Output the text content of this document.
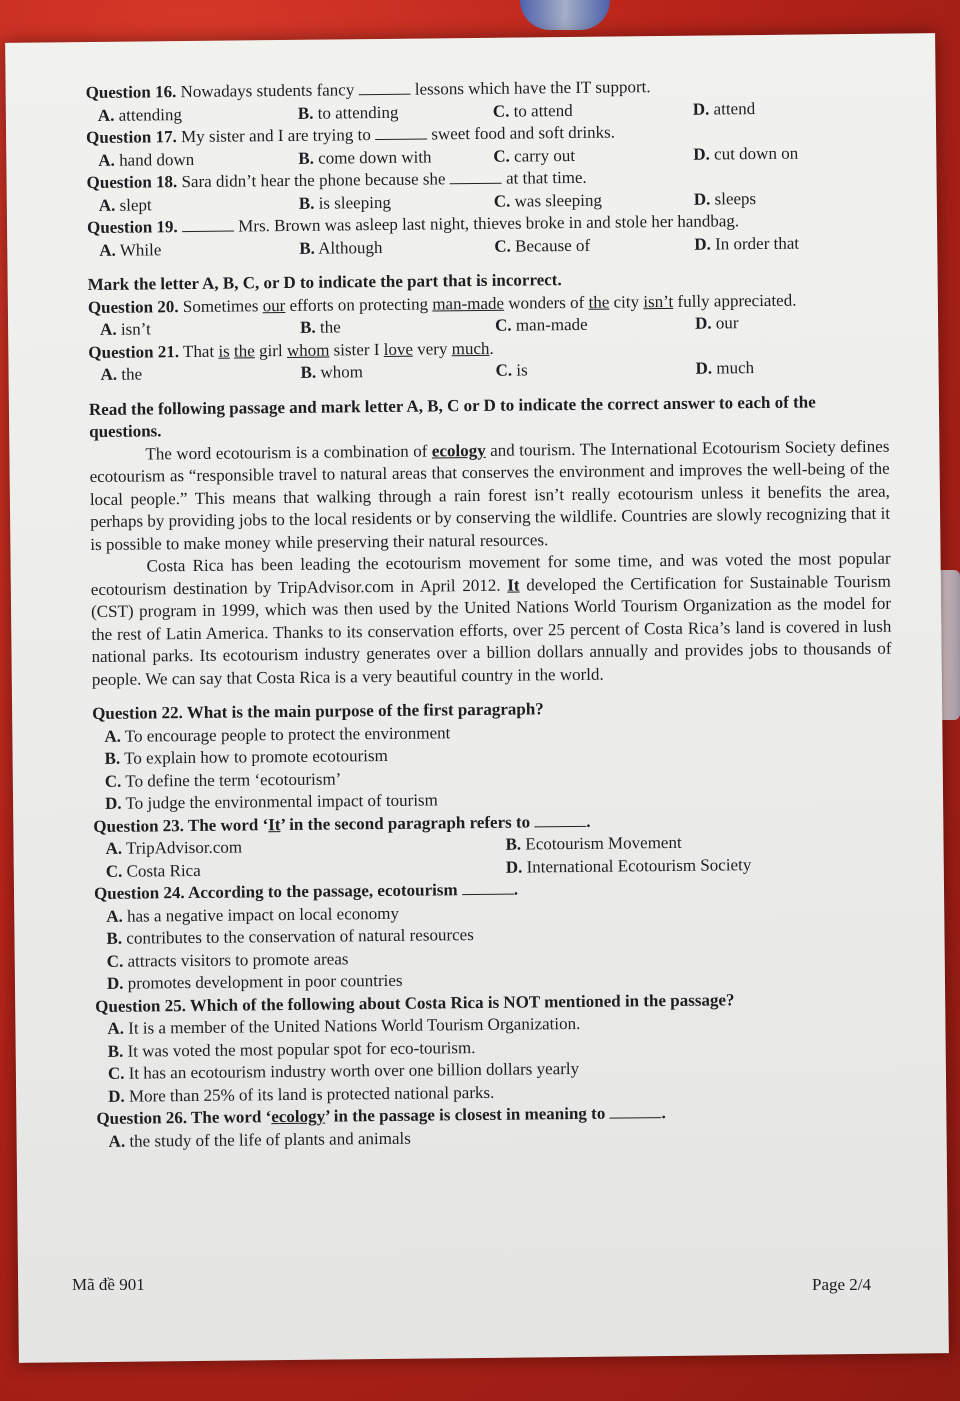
Question 16. Nowadays students fancy	lessons which have the IT support.
A. attending	B. to attending	C. to attend	D. attend
Question 17. My sister and I are trying to	sweet food and soft drinks.
A. hand down	B. come down with	C. carry out	D. cut down on
Question 18. Sara didn’t hear the phone because she	at that time.
A. slept	B. is sleeping	C. was sleeping	D. sleeps
Question 19.	Mrs. Brown was asleep last night, thieves broke in and stole her handbag.
A. While	B. Although	C. Because of	D. In order that
Mark the letter A, B, C, or D to indicate the part that is incorrect.
Question 20. Sometimes our efforts on protecting man-made wonders of the city isn’t fully appreciated.
A. isn’t	B. the	C. man-made	D. our
Question 21. That is the girl whom sister I love very much.
A. the	B. whom	C. is	D. much
Read the following passage and mark letter A, B, C or D to indicate the correct answer to each of the questions.

The word ecotourism is a combination of ecology and tourism. The International Ecotourism Society defines ecotourism as “responsible travel to natural areas that conserves the environment and improves the well-being of the local people.” This means that walking through a rain forest isn’t really ecotourism unless it benefits the area, perhaps by providing jobs to the local residents or by conserving the wildlife. Countries are slowly recognizing that it is possible to make money while preserving their natural resources.

Costa Rica has been leading the ecotourism movement for some time, and was voted the most popular ecotourism destination by TripAdvisor.com in April 2012. It developed the Certification for Sustainable Tourism (CST) program in 1999, which was then used by the United Nations World Tourism Organization as the model for the rest of Latin America. Thanks to its conservation efforts, over 25 percent of Costa Rica’s land is covered in lush national parks. Its ecotourism industry generates over a billion dollars annually and provides jobs to thousands of people. We can say that Costa Rica is a very beautiful country in the world.

Question 22. What is the main purpose of the first paragraph?
A. To encourage people to protect the environment
B. To explain how to promote ecotourism
C. To define the term ‘ecotourism’
D. To judge the environmental impact of tourism
Question 23. The word ‘It’ in the second paragraph refers to	.
A. TripAdvisor.com	B. Ecotourism Movement
C. Costa Rica	D. International Ecotourism Society
Question 24. According to the passage, ecotourism	.
A. has a negative impact on local economy
B. contributes to the conservation of natural resources
C. attracts visitors to promote areas
D. promotes development in poor countries
Question 25. Which of the following about Costa Rica is NOT mentioned in the passage?
A. It is a member of the United Nations World Tourism Organization.
B. It was voted the most popular spot for eco-tourism.
C. It has an ecotourism industry worth over one billion dollars yearly
D. More than 25% of its land is protected national parks.
Question 26. The word ‘ecology’ in the passage is closest in meaning to	.
A. the study of the life of plants and animals
Mã đề 901	Page 2/4
